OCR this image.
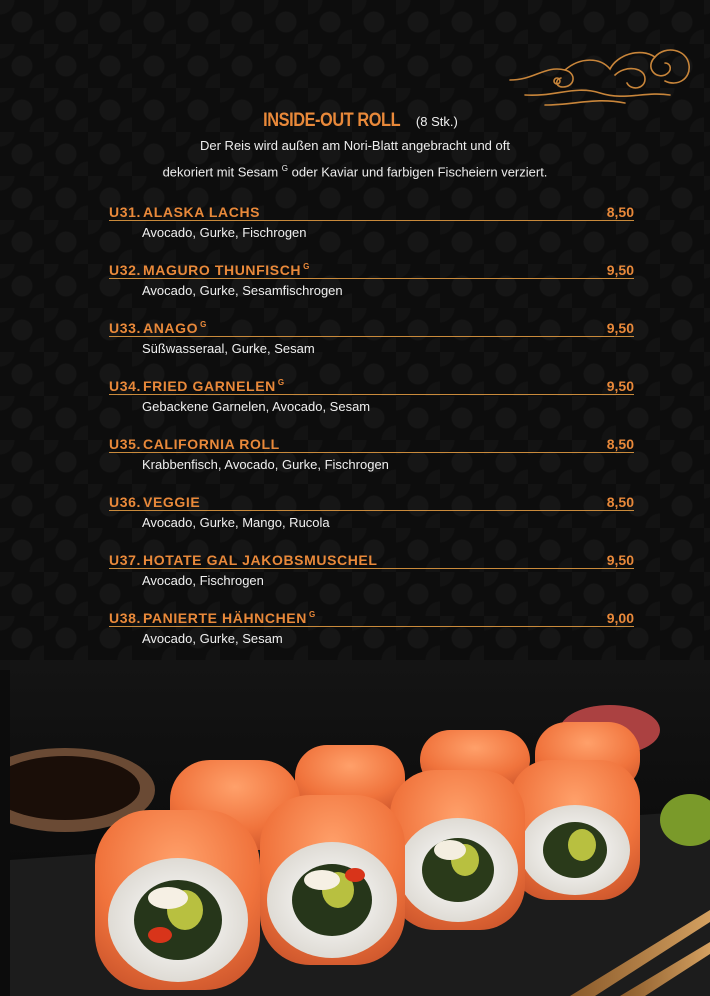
INSIDE-OUT ROLL (8 Stk.)
Der Reis wird außen am Nori-Blatt angebracht und oft
dekoriert mit Sesam $^G$ oder Kaviar und farbigen Fischeiern verziert.
U31. ALASKA LACHS	8,50
Avocado, Gurke, Fischrogen
U32. MAGURO THUNFISCH $^G$	9,50
Avocado, Gurke, Sesamfischrogen
U33. ANAGO $^G$	9,50
Süßwasseraal, Gurke, Sesam
U34. FRIED GARNELEN $^G$	9,50
Gebackene Garnelen, Avocado, Sesam
U35. CALIFORNIA ROLL	8,50
Krabbenfisch, Avocado, Gurke, Fischrogen
U36. VEGGIE	8,50
Avocado, Gurke, Mango, Rucola
U37. HOTATE GAL JAKOBSMUSCHEL	9,50
Avocado, Fischrogen
U38. PANIERTE HÄHNCHEN $^G$	9,00
Avocado, Gurke, Sesam
